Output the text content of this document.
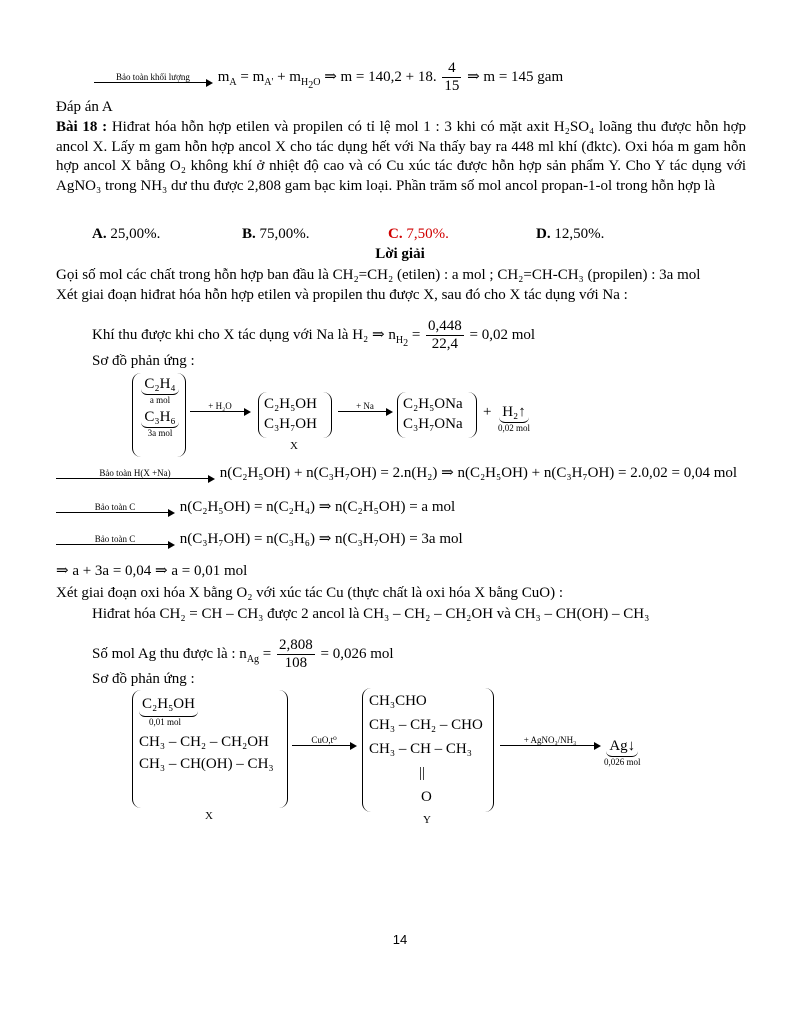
Bảo toàn khối lượng	$m_A = m_{A'} + m_{H_2O}$ ⇒ m = 140,2 + 18. $\frac{4}{15}$ ⇒ m = 145 gam
Đáp án A
Bài 18 : Hiđrat hóa hỗn hợp etilen và propilen có tỉ lệ mol 1 : 3 khi có mặt axit H₂SO₄ loãng thu được hỗn hợp ancol X. Lấy m gam hỗn hợp ancol X cho tác dụng hết với Na thấy bay ra 448 ml khí (đktc). Oxi hóa m gam hỗn hợp ancol X bằng O₂ không khí ở nhiệt độ cao và có Cu xúc tác được hỗn hợp sản phẩm Y. Cho Y tác dụng với AgNO₃ trong NH₃ dư thu được 2,808 gam bạc kim loại. Phần trăm số mol ancol propan-1-ol trong hỗn hợp là
A. 25,00%.	B. 75,00%.	C. 7,50%.	D. 12,50%.
Lời giải
Gọi số mol các chất trong hỗn hợp ban đầu là CH₂=CH₂ (etilen) : a mol ; CH₂=CH-CH₃ (propilen) : 3a mol
Xét giai đoạn hiđrat hóa hỗn hợp etilen và propilen thu được X, sau đó cho X tác dụng với Na :
Khí thu được khi cho X tác dụng với Na là H₂ ⇒ $n_{H_2} = \frac{0,448}{22,4} = 0,02$ mol
Sơ đồ phản ứng :
C₂H₄
a mol
C₃H₆
3a mol
+ H₂O	C₂H₅OH
C₃H₇OH
X
+ Na	C₂H₅ONa
C₃H₇ONa
+ H₂↑
0,02 mol
Bảo toàn H(X +Na)	n(C₂H₅OH) + n(C₃H₇OH) = 2.n(H₂) ⇒ n(C₂H₅OH) + n(C₃H₇OH) = 2.0,02 = 0,04 mol
Bảo toàn C	n(C₂H₅OH) = n(C₂H₄) ⇒ n(C₂H₅OH) = a mol
Bảo toàn C	n(C₃H₇OH) = n(C₃H₆) ⇒ n(C₃H₇OH) = 3a mol
⇒ a + 3a = 0,04 ⇒ a = 0,01 mol
Xét giai đoạn oxi hóa X bằng O₂ với xúc tác Cu (thực chất là oxi hóa X bằng CuO) :
Hiđrat hóa CH₂ = CH – CH₃ được 2 ancol là CH₃ – CH₂ – CH₂OH và CH₃ – CH(OH) – CH₃
Số mol Ag thu được là : $n_{Ag} = \frac{2,808}{108} = 0,026$ mol
Sơ đồ phản ứng :
C₂H₅OH
0,01 mol
CH₃ – CH₂ – CH₂OH
CH₃ – CH(OH) – CH₃
X
CuO,t⁰
CH₃CHO
CH₃ – CH₂ – CHO
CH₃ – CH – CH₃
||
O
Y
+ AgNO₃/NH₃	Ag↓
0,026 mol
14
